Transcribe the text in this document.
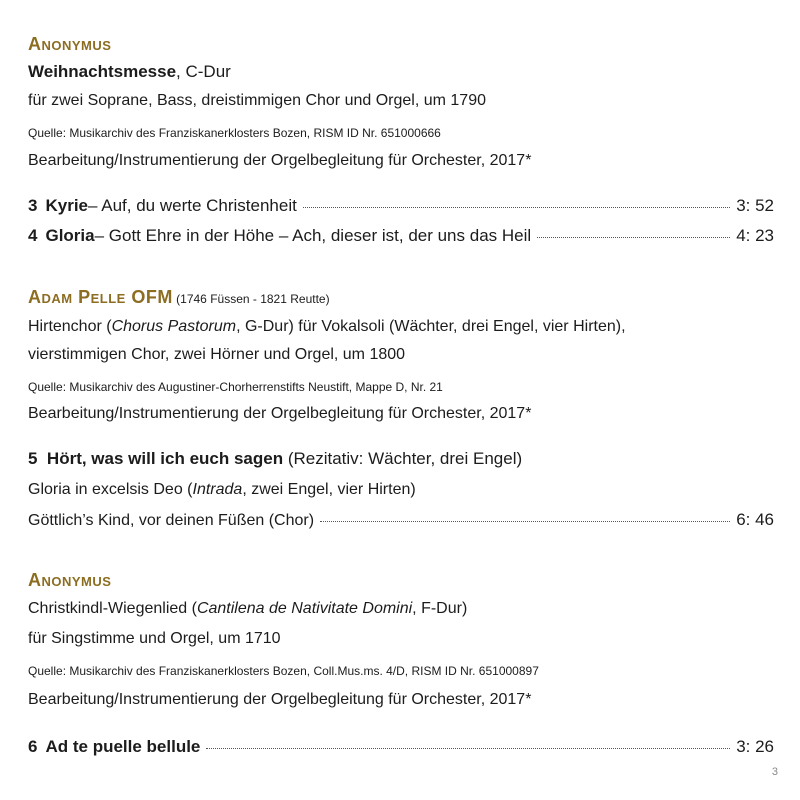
Anonymus
Weihnachtsmesse, C-Dur
für zwei Soprane, Bass, dreistimmigen Chor und Orgel, um 1790
Quelle: Musikarchiv des Franziskanerklosters Bozen, RISM ID Nr. 651000666
Bearbeitung/Instrumentierung der Orgelbegleitung für Orchester, 2017*
3 Kyrie – Auf, du werte Christenheit	3: 52
4 Gloria – Gott Ehre in der Höhe – Ach, dieser ist, der uns das Heil	4: 23
Adam Pelle OFM (1746 Füssen - 1821 Reutte)
Hirtenchor (Chorus Pastorum, G-Dur) für Vokalsoli (Wächter, drei Engel, vier Hirten),
vierstimmigen Chor, zwei Hörner und Orgel, um 1800
Quelle: Musikarchiv des Augustiner-Chorherrenstifts Neustift, Mappe D, Nr. 21
Bearbeitung/Instrumentierung der Orgelbegleitung für Orchester, 2017*
5 Hört, was will ich euch sagen (Rezitativ: Wächter, drei Engel)
Gloria in excelsis Deo (Intrada, zwei Engel, vier Hirten)
Göttlich’s Kind, vor deinen Füßen (Chor)	6: 46
Anonymus
Christkindl-Wiegenlied (Cantilena de Nativitate Domini, F-Dur)
für Singstimme und Orgel, um 1710
Quelle: Musikarchiv des Franziskanerklosters Bozen, Coll.Mus.ms. 4/D, RISM ID Nr. 651000897
Bearbeitung/Instrumentierung der Orgelbegleitung für Orchester, 2017*
6 Ad te puelle bellule	3: 26
3
